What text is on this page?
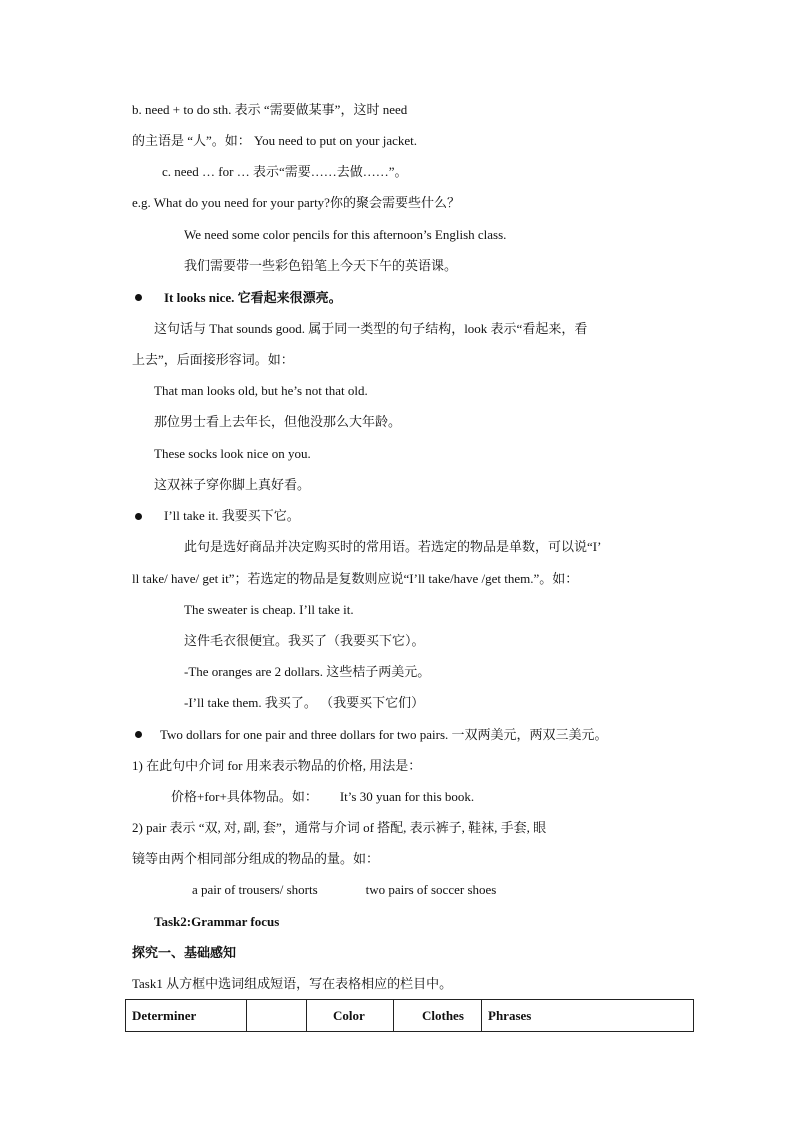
b. need + to do sth. 表示 “需要做某事”，这时 need
的主语是 “人”。如： You need to put on your jacket.
c. need … for … 表示“需要……去做……”。
e.g. What do you need for your party?你的聚会需要些什么？
We need some color pencils for this afternoon’s English class.
我们需要带一些彩色铅笔上今天下午的英语课。
It looks nice. 它看起来很漂亮。
这句话与 That sounds good. 属于同一类型的句子结构，look 表示“看起来，看
上去”，后面接形容词。如：
That man looks old, but he’s not that old.
那位男士看上去年长，但他没那么大年龄。
These socks look nice on you.
这双袜子穿你脚上真好看。
I’ll take it. 我要买下它。
此句是选好商品并决定购买时的常用语。若选定的物品是单数，可以说“I’
ll take/ have/ get it”；若选定的物品是复数则应说“I’ll take/have /get them.”。如：
The sweater is cheap. I’ll take it.
这件毛衣很便宜。我买了（我要买下它）。
-The oranges are 2 dollars. 这些桔子两美元。
-I’ll take them. 我买了。 （我要买下它们）
Two dollars for one pair and three dollars for two pairs. 一双两美元，两双三美元。
1) 在此句中介词 for 用来表示物品的价格, 用法是：
价格+for+具体物品。如： It’s 30 yuan for this book.
2) pair 表示 “双, 对, 副, 套”，通常与介词 of 搭配, 表示裤子, 鞋袜, 手套, 眼
镜等由两个相同部分组成的物品的量。如：
a pair of trousers/ shorts	two pairs of soccer shoes
Task2:Grammar focus
探究一、基础感知
Task1 从方框中选词组成短语，写在表格相应的栏目中。
Determiner		Color	Clothes	Phrases
